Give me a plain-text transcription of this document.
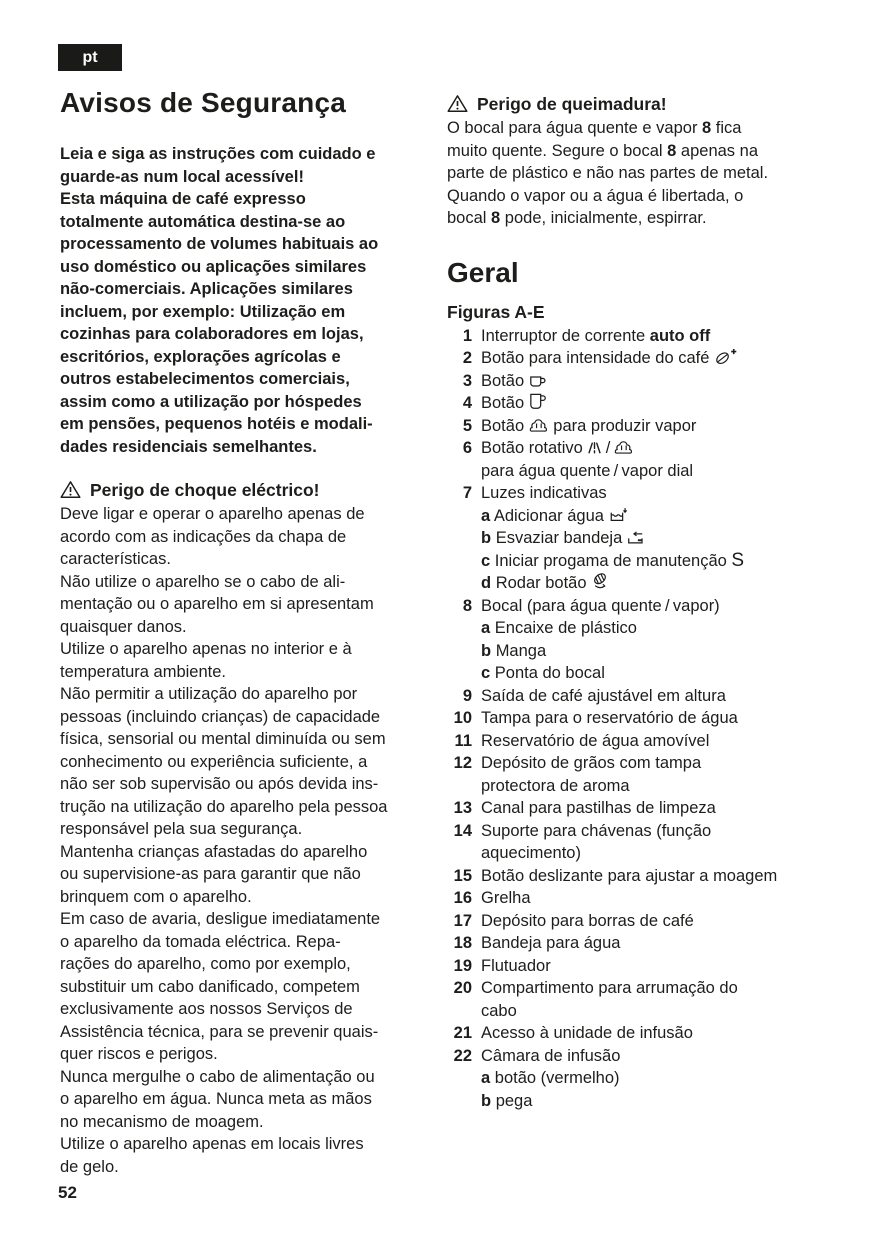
pt
Avisos de Segurança

Leia e siga as instruções com cuidado e
guarde-as num local acessível!
Esta máquina de café expresso
totalmente automática destina-se ao
processamento de volumes habituais ao
uso doméstico ou aplicações similares
não-comerciais. Aplicações similares
incluem, por exemplo: Utilização em
cozinhas para colaboradores em lojas,
escritórios, explorações agrícolas e
outros estabelecimentos comerciais,
assim como a utilização por hóspedes
em pensões, pequenos hotéis e modali-
dades residenciais semelhantes.

Perigo de choque eléctrico!

Deve ligar e operar o aparelho apenas de
acordo com as indicações da chapa de
características.
Não utilize o aparelho se o cabo de ali-
mentação ou o aparelho em si apresentam
quaisquer danos.
Utilize o aparelho apenas no interior e à
temperatura ambiente.
Não permitir a utilização do aparelho por
pessoas (incluindo crianças) de capacidade
física, sensorial ou mental diminuída ou sem
conhecimento ou experiência suficiente, a
não ser sob supervisão ou após devida ins-
trução na utilização do aparelho pela pessoa
responsável pela sua segurança.
Mantenha crianças afastadas do aparelho
ou supervisione-as para garantir que não
brinquem com o aparelho.
Em caso de avaria, desligue imediatamente
o aparelho da tomada eléctrica. Repa-
rações do aparelho, como por exemplo,
substituir um cabo danificado, competem
exclusivamente aos nossos Serviços de
Assistência técnica, para se prevenir quais-
quer riscos e perigos.
Nunca mergulhe o cabo de alimentação ou
o aparelho em água. Nunca meta as mãos
no mecanismo de moagem.
Utilize o aparelho apenas em locais livres
de gelo.

Perigo de queimadura!

O bocal para água quente e vapor 8 fica
muito quente. Segure o bocal 8 apenas na
parte de plástico e não nas partes de metal.
Quando o vapor ou a água é libertada, o
bocal 8 pode, inicialmente, espirrar.

Geral

Figuras A-E

1 Interruptor de corrente auto off
2 Botão para intensidade do café
3 Botão
4 Botão
5 Botão  para produzir vapor
6 Botão rotativo  / 
para água quente / vapor dial
7 Luzes indicativas
a Adicionar água
b Esvaziar bandeja
c Iniciar progama de manutenção S
d Rodar botão
8 Bocal (para água quente / vapor)
a Encaixe de plástico
b Manga
c Ponta do bocal
9 Saída de café ajustável em altura
10 Tampa para o reservatório de água
11 Reservatório de água amovível
12 Depósito de grãos com tampa
protectora de aroma
13 Canal para pastilhas de limpeza
14 Suporte para chávenas (função
aquecimento)
15 Botão deslizante para ajustar a moagem
16 Grelha
17 Depósito para borras de café
18 Bandeja para água
19 Flutuador
20 Compartimento para arrumação do
cabo
21 Acesso à unidade de infusão
22 Câmara de infusão
a botão (vermelho)
b pega
52
